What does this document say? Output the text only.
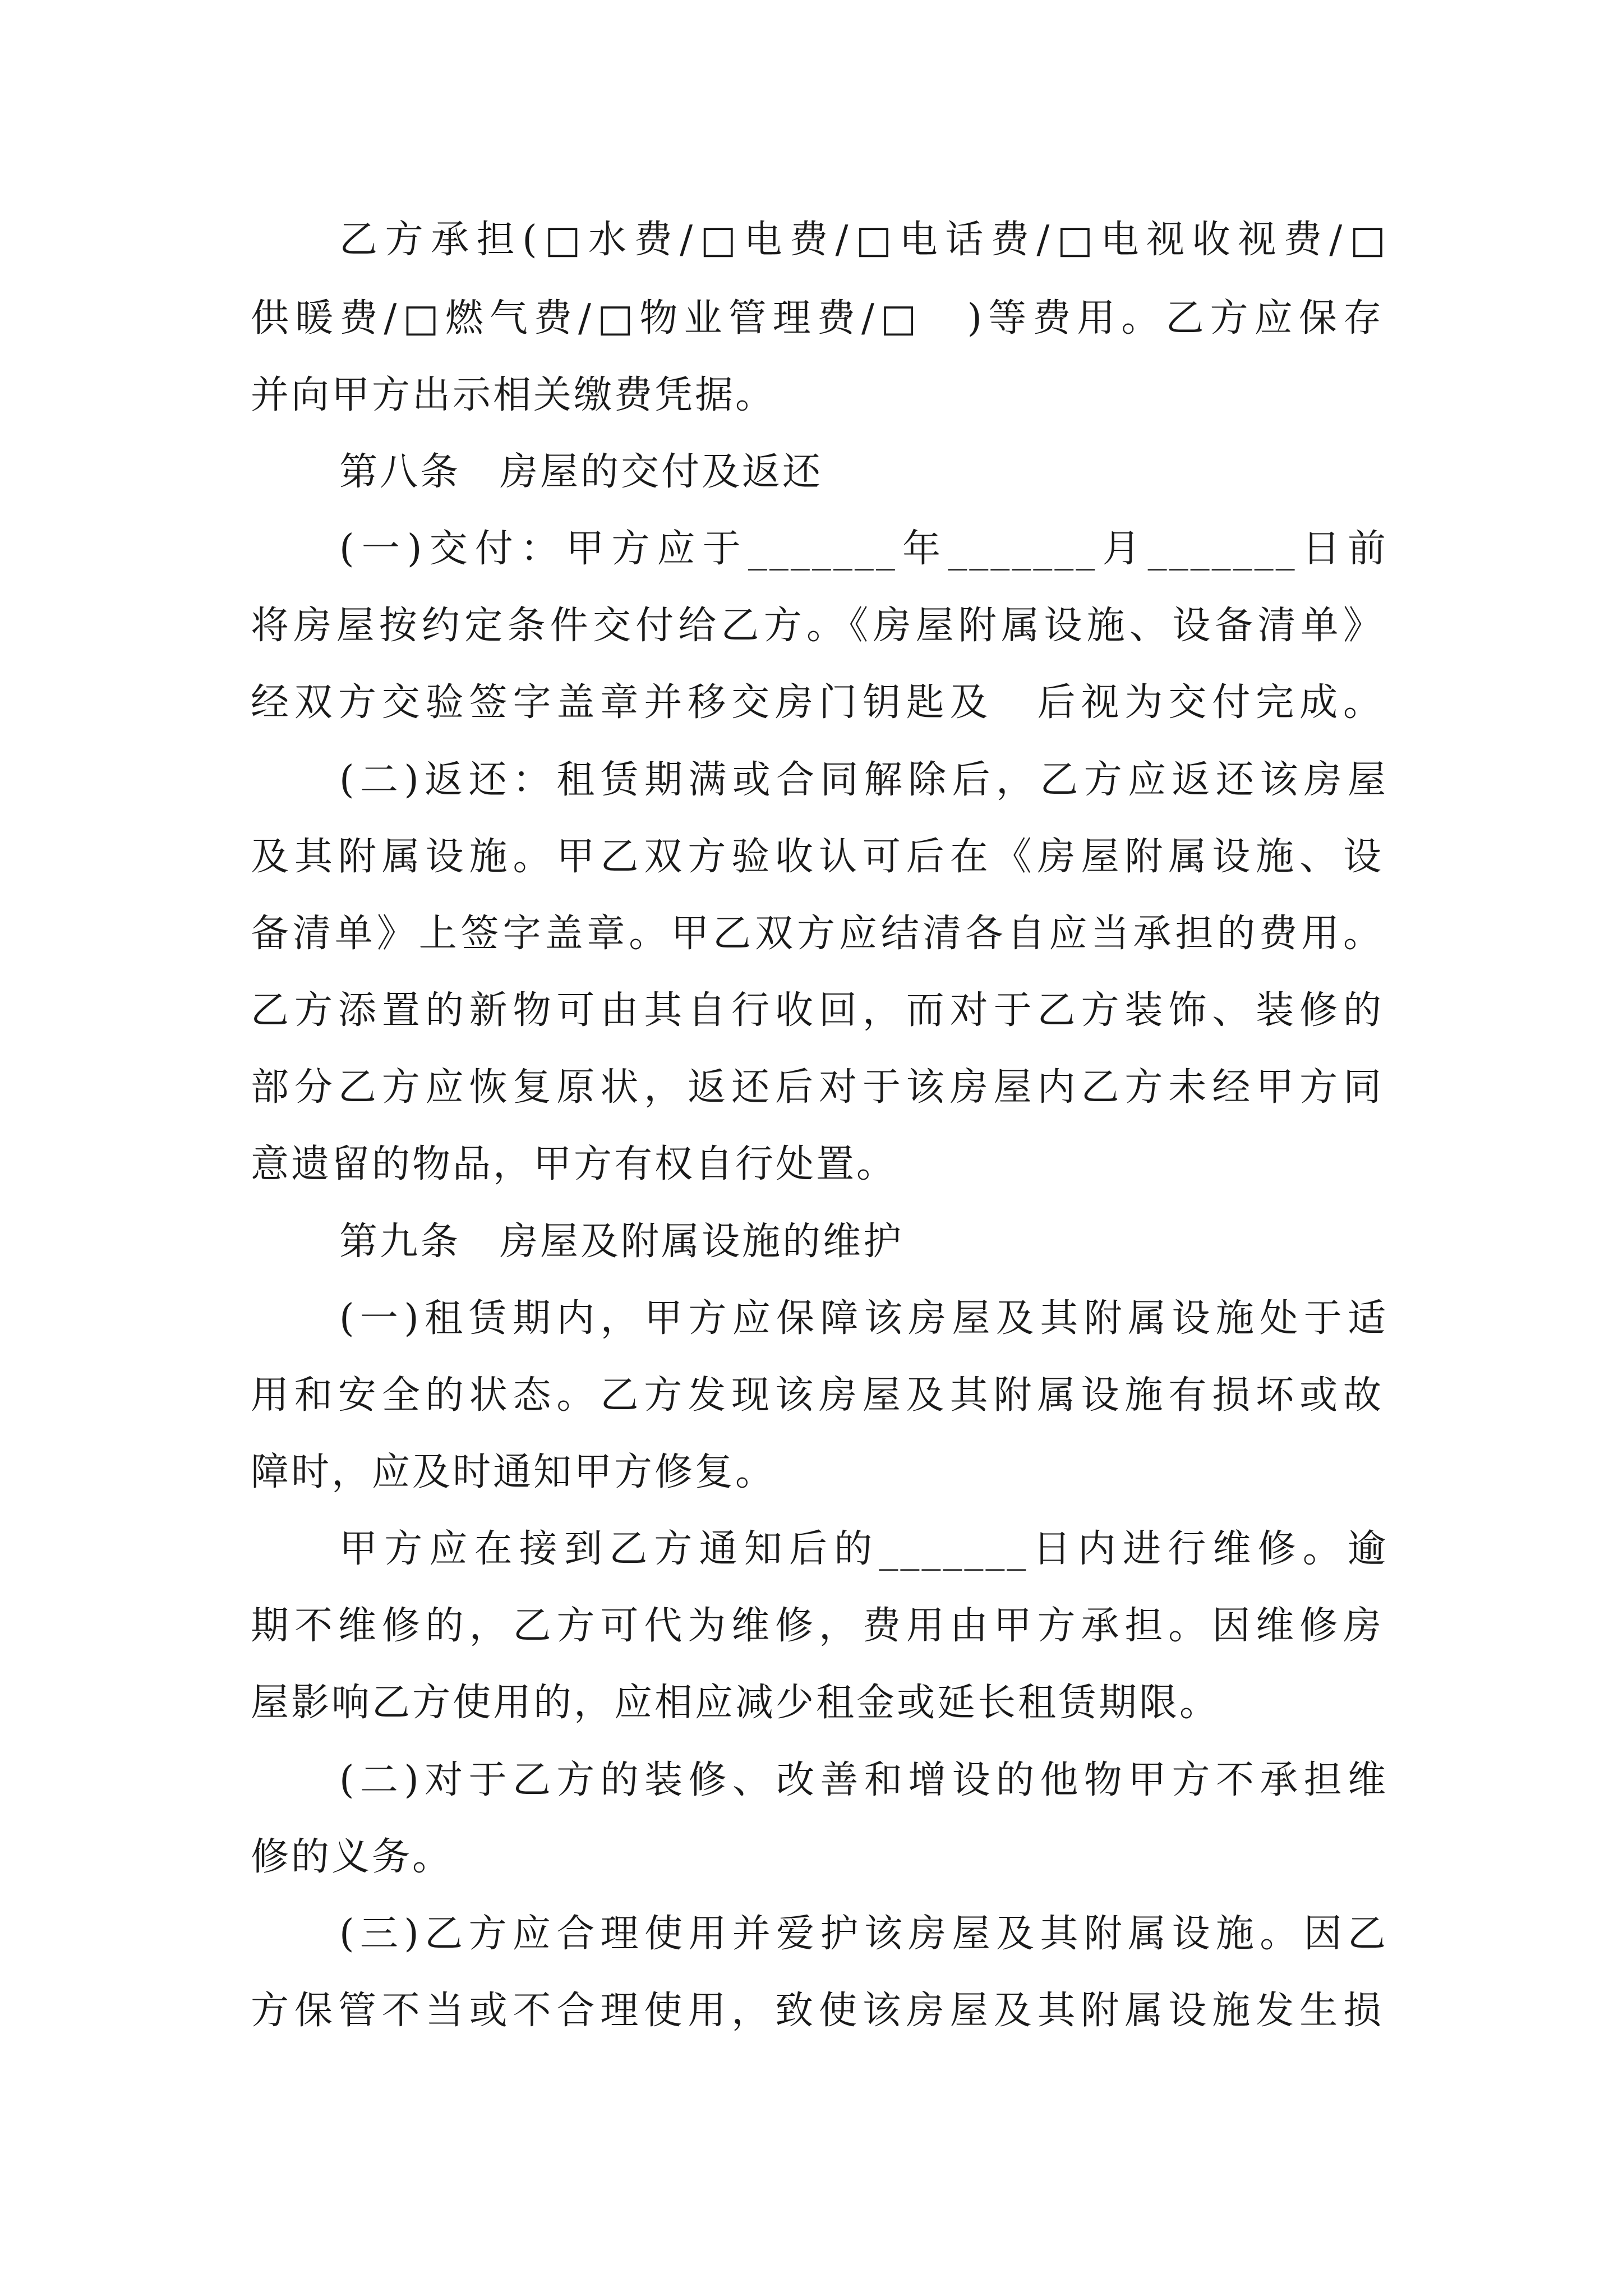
乙方承担(□水费/□电费/□电话费/□电视收视费/□
供暖费/□燃气费/□物业管理费/□　)等费用。乙方应保存
并向甲方出示相关缴费凭据。
第八条 房屋的交付及返还
(一)交付：甲方应于_______年_______月_______日前
将房屋按约定条件交付给乙方。《房屋附属设施、设备清单》
经双方交验签字盖章并移交房门钥匙及　后视为交付完成。
(二)返还：租赁期满或合同解除后，乙方应返还该房屋
及其附属设施。甲乙双方验收认可后在《房屋附属设施、设
备清单》上签字盖章。甲乙双方应结清各自应当承担的费用。
乙方添置的新物可由其自行收回，而对于乙方装饰、装修的
部分乙方应恢复原状，返还后对于该房屋内乙方未经甲方同
意遗留的物品，甲方有权自行处置。
第九条 房屋及附属设施的维护
(一)租赁期内，甲方应保障该房屋及其附属设施处于适
用和安全的状态。乙方发现该房屋及其附属设施有损坏或故
障时，应及时通知甲方修复。
甲方应在接到乙方通知后的_______日内进行维修。逾
期不维修的，乙方可代为维修，费用由甲方承担。因维修房
屋影响乙方使用的，应相应减少租金或延长租赁期限。
(二)对于乙方的装修、改善和增设的他物甲方不承担维
修的义务。
(三)乙方应合理使用并爱护该房屋及其附属设施。因乙
方保管不当或不合理使用，致使该房屋及其附属设施发生损
